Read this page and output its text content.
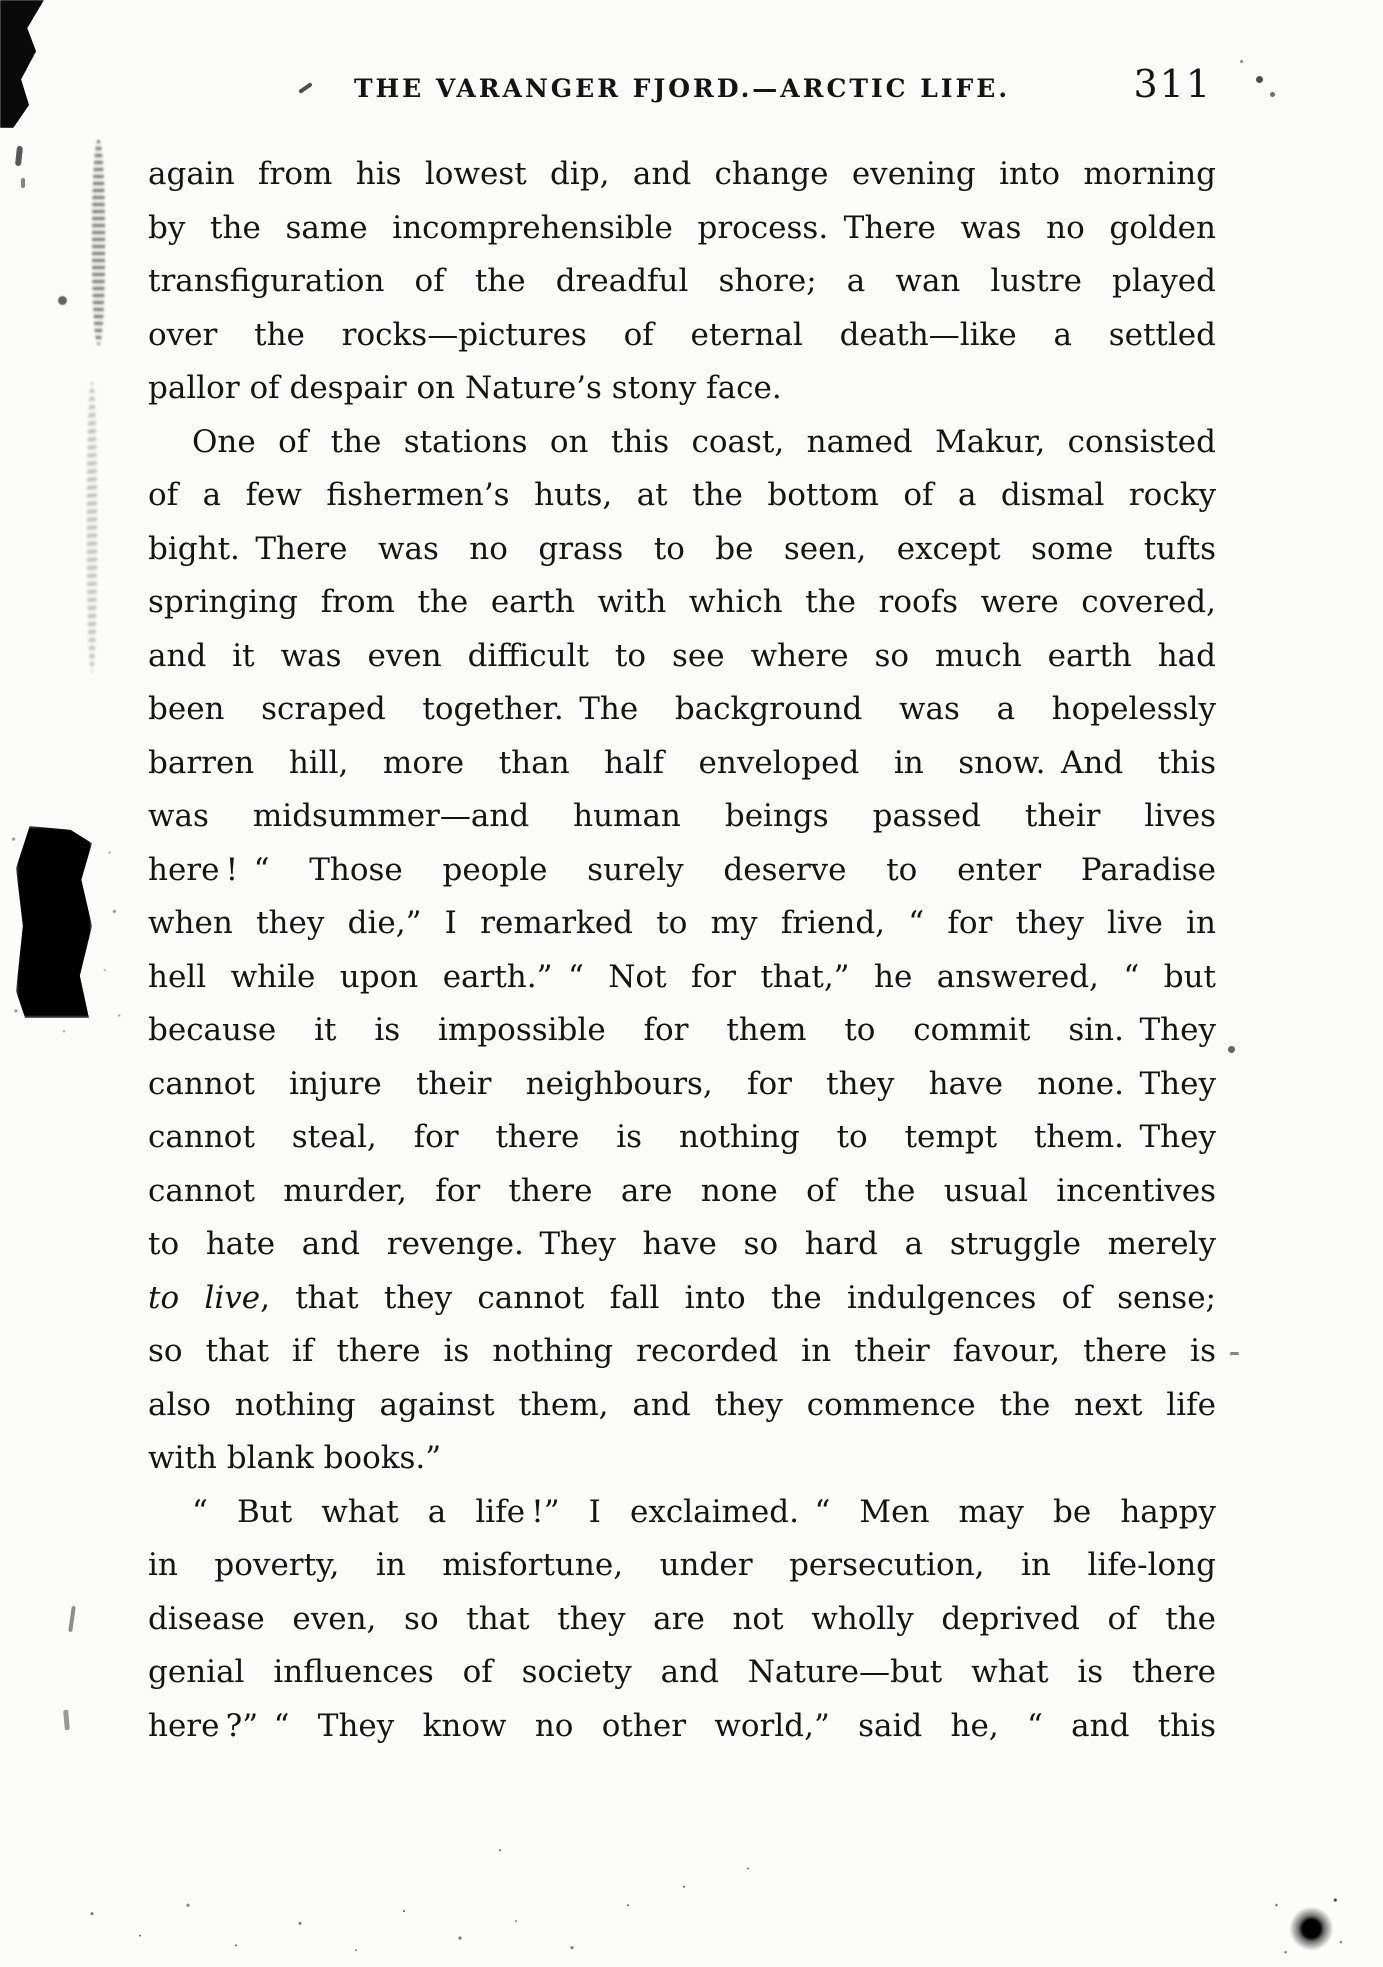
THE VARANGER FJORD.—ARCTIC LIFE.	311
again from his lowest dip, and change evening into morning
by the same incomprehensible process. There was no golden
transfiguration of the dreadful shore; a wan lustre played
over the rocks—pictures of eternal death—like a settled
pallor of despair on Nature’s stony face.
One of the stations on this coast, named Makur, consisted
of a few fishermen’s huts, at the bottom of a dismal rocky
bight. There was no grass to be seen, except some tufts
springing from the earth with which the roofs were covered,
and it was even difficult to see where so much earth had
been scraped together. The background was a hopelessly
barren hill, more than half enveloped in snow. And this
was midsummer—and human beings passed their lives
here ! “ Those people surely deserve to enter Paradise
when they die,” I remarked to my friend, “ for they live in
hell while upon earth.” “ Not for that,” he answered, “ but
because it is impossible for them to commit sin. They
cannot injure their neighbours, for they have none. They
cannot steal, for there is nothing to tempt them. They
cannot murder, for there are none of the usual incentives
to hate and revenge. They have so hard a struggle merely
to live, that they cannot fall into the indulgences of sense;
so that if there is nothing recorded in their favour, there is
also nothing against them, and they commence the next life
with blank books.”
“ But what a life !” I exclaimed. “ Men may be happy
in poverty, in misfortune, under persecution, in life-long
disease even, so that they are not wholly deprived of the
genial influences of society and Nature—but what is there
here ?” “ They know no other world,” said he, “ and this
